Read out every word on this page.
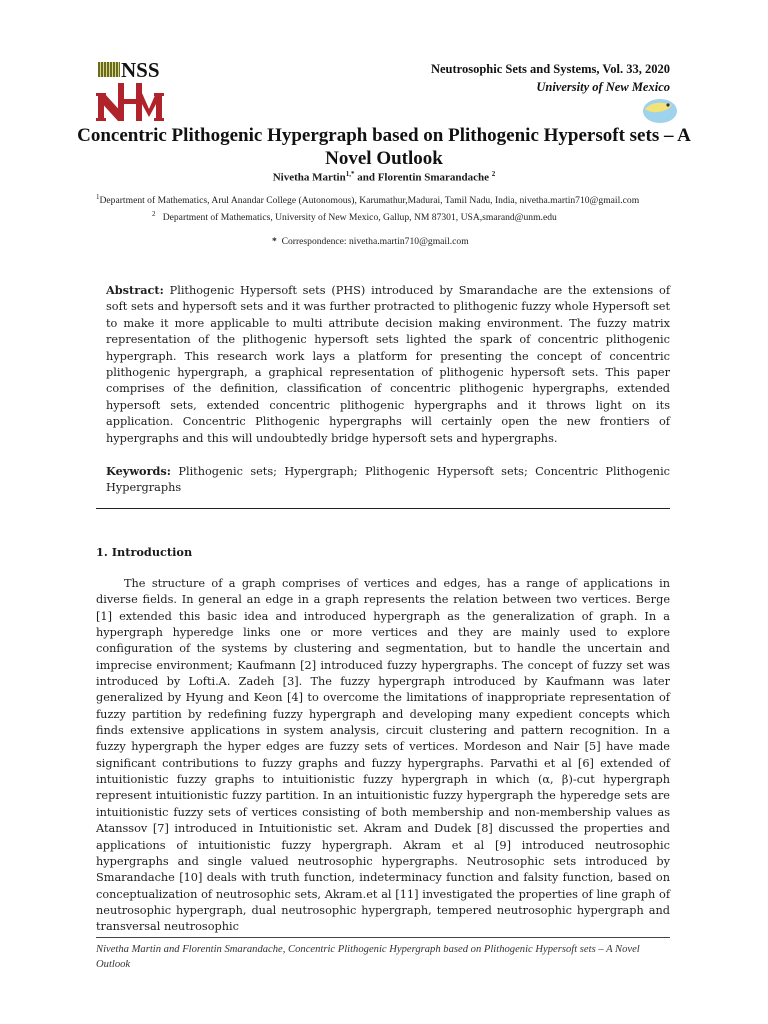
NSS	Neutrosophic Sets and Systems, Vol. 33, 2020
University of New Mexico
Concentric Plithogenic Hypergraph based on Plithogenic Hypersoft sets – A Novel Outlook
Nivetha Martin$^{1,*}$ and Florentin Smarandache $^2$
$^1$Department of Mathematics, Arul Anandar College (Autonomous), Karumathur,Madurai, Tamil Nadu, India, nivetha.martin710@gmail.com
$^2$ Department of Mathematics, University of New Mexico, Gallup, NM 87301, USA,smarand@unm.edu
* Correspondence: nivetha.martin710@gmail.com
Abstract: Plithogenic Hypersoft sets (PHS) introduced by Smarandache are the extensions of soft sets and hypersoft sets and it was further protracted to plithogenic fuzzy whole Hypersoft set to make it more applicable to multi attribute decision making environment. The fuzzy matrix representation of the plithogenic hypersoft sets lighted the spark of concentric plithogenic hypergraph. This research work lays a platform for presenting the concept of concentric plithogenic hypergraph, a graphical representation of plithogenic hypersoft sets. This paper comprises of the definition, classification of concentric plithogenic hypergraphs, extended hypersoft sets, extended concentric plithogenic hypergraphs and it throws light on its application. Concentric Plithogenic hypergraphs will certainly open the new frontiers of hypergraphs and this will undoubtedly bridge hypersoft sets and hypergraphs.
Keywords: Plithogenic sets; Hypergraph; Plithogenic Hypersoft sets; Concentric Plithogenic Hypergraphs
1. Introduction
The structure of a graph comprises of vertices and edges, has a range of applications in diverse fields. In general an edge in a graph represents the relation between two vertices. Berge [1] extended this basic idea and introduced hypergraph as the generalization of graph. In a hypergraph hyperedge links one or more vertices and they are mainly used to explore configuration of the systems by clustering and segmentation, but to handle the uncertain and imprecise environment; Kaufmann [2] introduced fuzzy hypergraphs. The concept of fuzzy set was introduced by Lofti.A. Zadeh [3]. The fuzzy hypergraph introduced by Kaufmann was later generalized by Hyung and Keon [4] to overcome the limitations of inappropriate representation of fuzzy partition by redefining fuzzy hypergraph and developing many expedient concepts which finds extensive applications in system analysis, circuit clustering and pattern recognition. In a fuzzy hypergraph the hyper edges are fuzzy sets of vertices. Mordeson and Nair [5] have made significant contributions to fuzzy graphs and fuzzy hypergraphs. Parvathi et al [6] extended of intuitionistic fuzzy graphs to intuitionistic fuzzy hypergraph in which (α, β)-cut hypergraph represent intuitionistic fuzzy partition. In an intuitionistic fuzzy hypergraph the hyperedge sets are intuitionistic fuzzy sets of vertices consisting of both membership and non-membership values as Atanssov [7] introduced in Intuitionistic set. Akram and Dudek [8] discussed the properties and applications of intuitionistic fuzzy hypergraph. Akram et al [9] introduced neutrosophic hypergraphs and single valued neutrosophic hypergraphs. Neutrosophic sets introduced by Smarandache [10] deals with truth function, indeterminacy function and falsity function, based on conceptualization of neutrosophic sets, Akram.et al [11] investigated the properties of line graph of neutrosophic hypergraph, dual neutrosophic hypergraph, tempered neutrosophic hypergraph and transversal neutrosophic
Nivetha Martin and Florentin Smarandache, Concentric Plithogenic Hypergraph based on Plithogenic Hypersoft sets – A Novel Outlook
